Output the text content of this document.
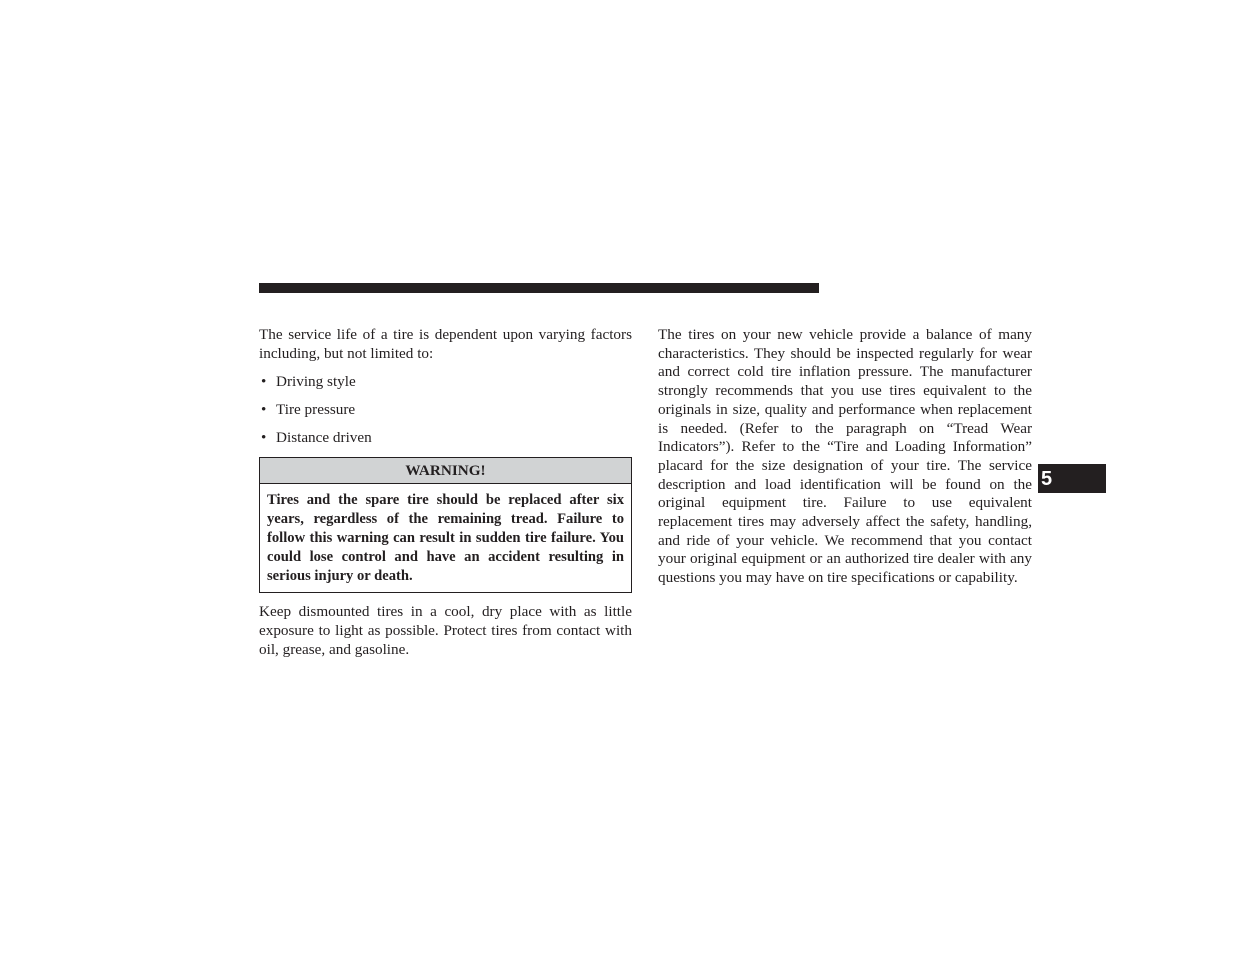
The service life of a tire is dependent upon varying factors including, but not limited to:

• Driving style
• Tire pressure
• Distance driven
WARNING!
Tires and the spare tire should be replaced after six years, regardless of the remaining tread. Failure to follow this warning can result in sudden tire failure. You could lose control and have an accident resulting in serious injury or death.

Keep dismounted tires in a cool, dry place with as little exposure to light as possible. Protect tires from contact with oil, grease, and gasoline.

The tires on your new vehicle provide a balance of many characteristics. They should be inspected regularly for wear and correct cold tire inflation pressure. The manufacturer strongly recommends that you use tires equivalent to the originals in size, quality and performance when replacement is needed. (Refer to the paragraph on “Tread Wear Indicators”). Refer to the “Tire and Loading Information” placard for the size designation of your tire. The service description and load identification will be found on the original equipment tire. Failure to use equivalent replacement tires may adversely affect the safety, handling, and ride of your vehicle. We recommend that you contact your original equipment or an authorized tire dealer with any questions you may have on tire specifications or capability.

5
